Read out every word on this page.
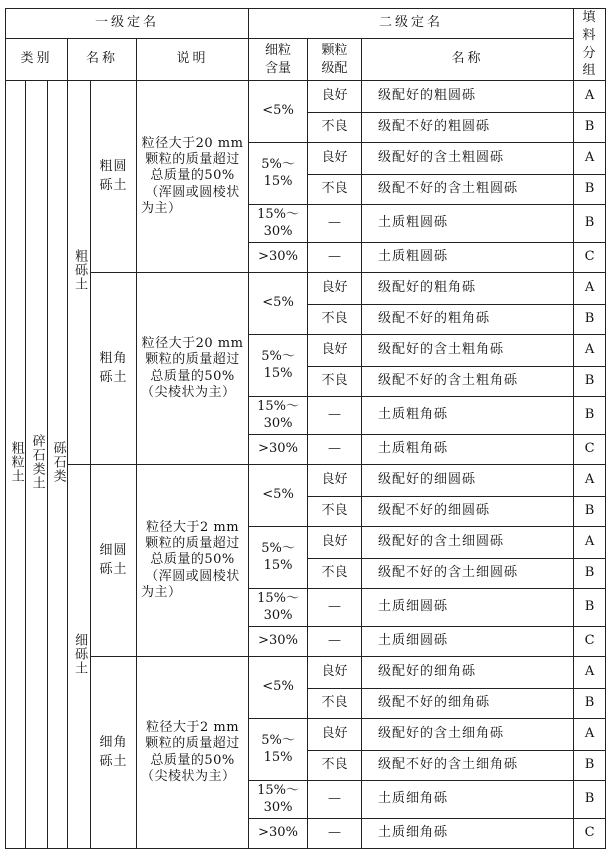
一级定名						二级定名			填料分组

类别			名称		说明	细粒含量	颗粒级配	名称	
粗粒土	碎石类土	砾石类	粗砾土	粗圆砾土	粒径大于20 mm颗粒的质量超过总质量的50%（浑圆或圆棱状为主）	<5%	良好	级配好的粗圆砾	A
							不良	级配不好的粗圆砾	B
						5%～15%	良好	级配好的含土粗圆砾	A
							不良	级配不好的含土粗圆砾	B
						15%～30%	—	土质粗圆砾	B
						>30%	—	土质粗圆砾	C

				粗角砾土	粒径大于20 mm颗粒的质量超过总质量的50%（尖棱状为主）	<5%	良好	级配好的粗角砾	A
							不良	级配不好的粗角砾	B
						5%～15%	良好	级配好的含土粗角砾	A
							不良	级配不好的含土粗角砾	B
						15%～30%	—	土质粗角砾	B
						>30%	—	土质粗角砾	C
			细砾土	细圆砾土	粒径大于2 mm颗粒的质量超过总质量的50%（浑圆或圆棱状为主）	<5%	良好	级配好的细圆砾	A
							不良	级配不好的细圆砾	B
						5%～15%	良好	级配好的含土细圆砾	A
							不良	级配不好的含土细圆砾	B
						15%～30%	—	土质细圆砾	B
						>30%	—	土质细圆砾	C

				细角砾土	粒径大于2 mm颗粒的质量超过总质量的50%（尖棱状为主）	<5%	良好	级配好的细角砾	A
							不良	级配不好的细角砾	B
						5%～15%	良好	级配好的含土细角砾	A
							不良	级配不好的含土细角砾	B
						15%～30%	—	土质细角砾	B
						>30%	—	土质细角砾	C
